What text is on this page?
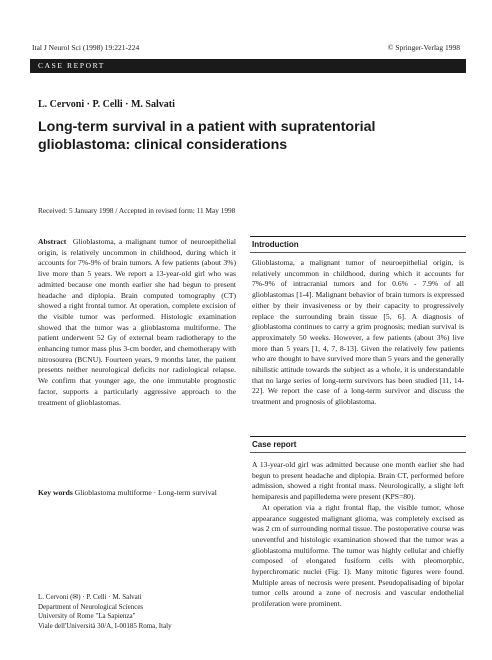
Ital J Neurol Sci (1998) 19:221-224	© Springer-Verlag 1998
CASE REPORT
L. Cervoni · P. Celli · M. Salvati
Long-term survival in a patient with supratentorial glioblastoma: clinical considerations
Received: 5 January 1998 / Accepted in revised form: 11 May 1998
Abstract Glioblastoma, a malignant tumor of neuroepithelial origin, is relatively uncommon in childhood, during which it accounts for 7%-9% of brain tumors. A few patients (about 3%) live more than 5 years. We report a 13-year-old girl who was admitted because one month earlier she had begun to present headache and diplopia. Brain computed tomography (CT) showed a right frontal tumor. At operation, complete excision of the visible tumor was performed. Histologic examination showed that the tumor was a glioblastoma multiforme. The patient underwent 52 Gy of external beam radiotherapy to the enhancing tumor mass plus 3-cm border, and chemotherapy with nitrosourea (BCNU). Fourteen years, 9 months later, the patient presents neither neurological deficits nor radiological relapse. We confirm that younger age, the one immutable prognostic factor, supports a particularly aggressive approach to the treatment of glioblastomas.
Key words Glioblastoma multiforme · Long-term survival
L. Cervoni (✉) · P. Celli · M. Salvati
Department of Neurological Sciences
University of Rome "La Sapienza"
Viale dell'Università 30/A, I-00185 Roma, Italy
Introduction

Glioblastoma, a malignant tumor of neuroepithelial origin, is relatively uncommon in childhood, during which it accounts for 7%-9% of intracranial tumors and for 0.6% - 7.9% of all glioblastomas [1-4]. Malignant behavior of brain tumors is expressed either by their invasiveness or by their capacity to progressively replace the surrounding brain tissue [5, 6]. A diagnosis of glioblastoma continues to carry a grim prognosis; median survival is approximately 50 weeks. However, a few patients (about 3%) live more than 5 years [1, 4, 7, 8-13]. Given the relatively few patients who are thought to have survived more than 5 years and the generally nihilistic attitude towards the subject as a whole, it is understandable that no large series of long-term survivors has been studied [11, 14-22]. We report the case of a long-term survivor and discuss the treatment and prognosis of glioblastoma.

Case report

A 13-year-old girl was admitted because one month earlier she had begun to present headache and diplopia. Brain CT, performed before admission, showed a right frontal mass. Neurologically, a slight left hemiparesis and papilledema were present (KPS=80).

At operation via a right frontal flap, the visible tumor, whose appearance suggested malignant glioma, was completely excised as was 2 cm of surrounding normal tissue. The postoperative course was uneventful and histologic examination showed that the tumor was a glioblastoma multiforme. The tumor was highly cellular and chiefly composed of elongated fusiform cells with pleomorphic, hyperchromatic nuclei (Fig. 1). Many mitotic figures were found. Multiple areas of necrosis were present. Pseudopalisading of bipolar tumor cells around a zone of necrosis and vascular endothelial proliferation were prominent.
